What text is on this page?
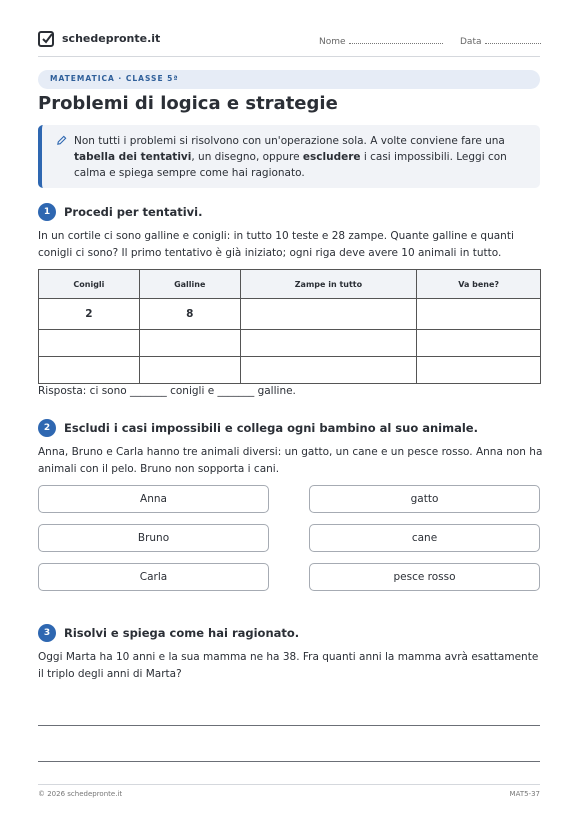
schedepronte.it	Nome	Data
MATEMATICA · CLASSE 5ª
Problemi di logica e strategie
Non tutti i problemi si risolvono con un'operazione sola. A volte conviene fare una tabella dei tentativi, un disegno, oppure escludere i casi impossibili. Leggi con calma e spiega sempre come hai ragionato.
1	Procedi per tentativi.
In un cortile ci sono galline e conigli: in tutto 10 teste e 28 zampe. Quante galline e quanti conigli ci sono? Il primo tentativo è già iniziato; ogni riga deve avere 10 animali in tutto.
Conigli	Galline	Zampe in tutto	Va bene?
2	8		

Risposta: ci sono _______ conigli e _______ galline.
2	Escludi i casi impossibili e collega ogni bambino al suo animale.
Anna, Bruno e Carla hanno tre animali diversi: un gatto, un cane e un pesce rosso. Anna non ha animali con il pelo. Bruno non sopporta i cani.
Anna
Bruno
Carla
gatto
cane
pesce rosso
3	Risolvi e spiega come hai ragionato.
Oggi Marta ha 10 anni e la sua mamma ne ha 38. Fra quanti anni la mamma avrà esattamente il triplo degli anni di Marta?
© 2026 schedepronte.it	MAT5-37
